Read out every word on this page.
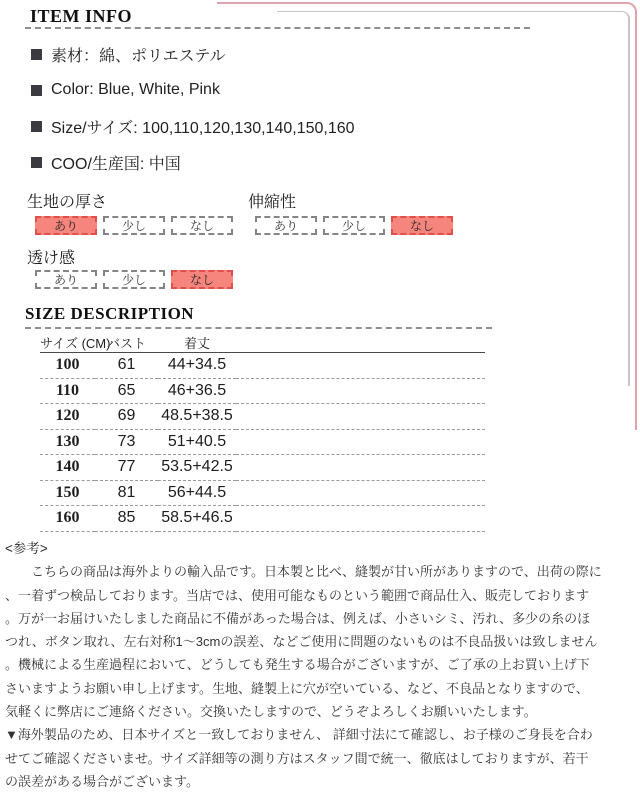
ITEM INFO
素材：綿、ポリエステル
Color: Blue, White, Pink
Size/サイズ: 100,110,120,130,140,150,160
COO/生産国: 中国
生地の厚さ
あり	少し	なし
伸縮性
あり	少し	なし
透け感
あり	少し	なし
SIZE DESCRIPTION
サイズ (CM)	バスト	着丈	
100	61	44+34.5	
110	65	46+36.5	
120	69	48.5+38.5	
130	73	51+40.5	
140	77	53.5+42.5	
150	81	56+44.5	
160	85	58.5+46.5	
<参考>
　　こちらの商品は海外よりの輸入品です。日本製と比べ、縫製が甘い所がありますので、出荷の際に
、一着ずつ検品しております。当店では、使用可能なものという範囲で商品仕入、販売しております
。万が一お届けいたしました商品に不備があった場合は、例えば、小さいシミ、汚れ、多少の糸のほ
つれ、ボタン取れ、左右対称1～3cmの誤差、などご使用に問題のないものは不良品扱いは致しません
。機械による生産過程において、どうしても発生する場合がございますが、ご了承の上お買い上げ下
さいますようお願い申し上げます。生地、縫製上に穴が空いている、など、不良品となりますので、
気軽くに弊店にご連絡ください。交換いたしますので、どうぞよろしくお願いいたします。
▼海外製品のため、日本サイズと一致しておりません、 詳細寸法にて確認し、お子様のご身長を合わ
せてご確認くださいませ。サイズ詳細等の測り方はスタッフ間で統一、徹底はしておりますが、若干
の誤差がある場合がございます。
